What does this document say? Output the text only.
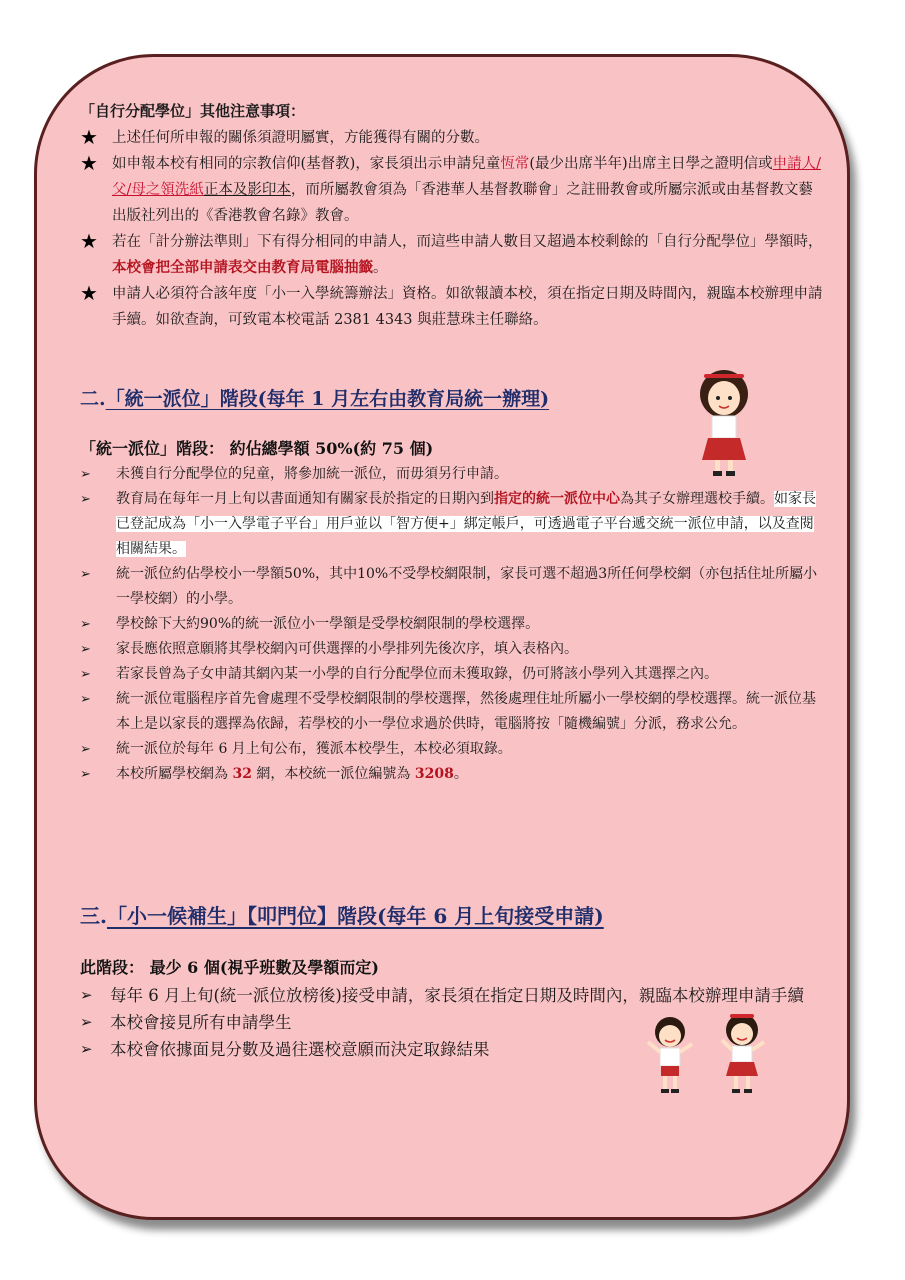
「自行分配學位」其他注意事項：
★ 上述任何所申報的關係須證明屬實，方能獲得有關的分數。
★ 如申報本校有相同的宗教信仰(基督教)，家長須出示申請兒童恆常(最少出席半年)出席主日學之證明信或申請人/父/母之領洗紙正本及影印本，而所屬教會須為「香港華人基督教聯會」之註冊教會或所屬宗派或由基督教文藝出版社列出的《香港教會名錄》教會。
★ 若在「計分辦法準則」下有得分相同的申請人，而這些申請人數目又超過本校剩餘的「自行分配學位」學額時，本校會把全部申請表交由教育局電腦抽籤。
★ 申請人必須符合該年度「小一入學統籌辦法」資格。如欲報讀本校，須在指定日期及時間內，親臨本校辦理申請手續。如欲查詢，可致電本校電話 2381 4343 與莊慧珠主任聯絡。
二.「統一派位」階段(每年 1 月左右由教育局統一辦理)
「統一派位」階段： 約佔總學額 50%(約 75 個)
➢	未獲自行分配學位的兒童，將參加統一派位，而毋須另行申請。
➢	教育局在每年一月上旬以書面通知有關家長於指定的日期內到指定的統一派位中心為其子女辦理選校手續。如家長已登記成為「小一入學電子平台」用戶並以「智方便+」綁定帳戶，可透過電子平台遞交統一派位申請，以及查閱相關結果。
➢	統一派位約佔學校小一學額50%，其中10%不受學校網限制，家長可選不超過3所任何學校網（亦包括住址所屬小一學校網）的小學。
➢	學校餘下大約90%的統一派位小一學額是受學校網限制的學校選擇。
➢	家長應依照意願將其學校網內可供選擇的小學排列先後次序，填入表格內。
➢	若家長曾為子女申請其網內某一小學的自行分配學位而未獲取錄，仍可將該小學列入其選擇之內。
➢	統一派位電腦程序首先會處理不受學校網限制的學校選擇，然後處理住址所屬小一學校網的學校選擇。統一派位基本上是以家長的選擇為依歸，若學校的小一學位求過於供時，電腦將按「隨機編號」分派，務求公允。
➢	統一派位於每年 6 月上旬公布，獲派本校學生，本校必須取錄。
➢	本校所屬學校網為 32 網，本校統一派位編號為 3208。
三.「小一候補生」【叩門位】階段(每年 6 月上旬接受申請)
此階段： 最少 6 個(視乎班數及學額而定)
➢	每年 6 月上旬(統一派位放榜後)接受申請，家長須在指定日期及時間內，親臨本校辦理申請手續
➢	本校會接見所有申請學生
➢	本校會依據面見分數及過往選校意願而決定取錄結果
